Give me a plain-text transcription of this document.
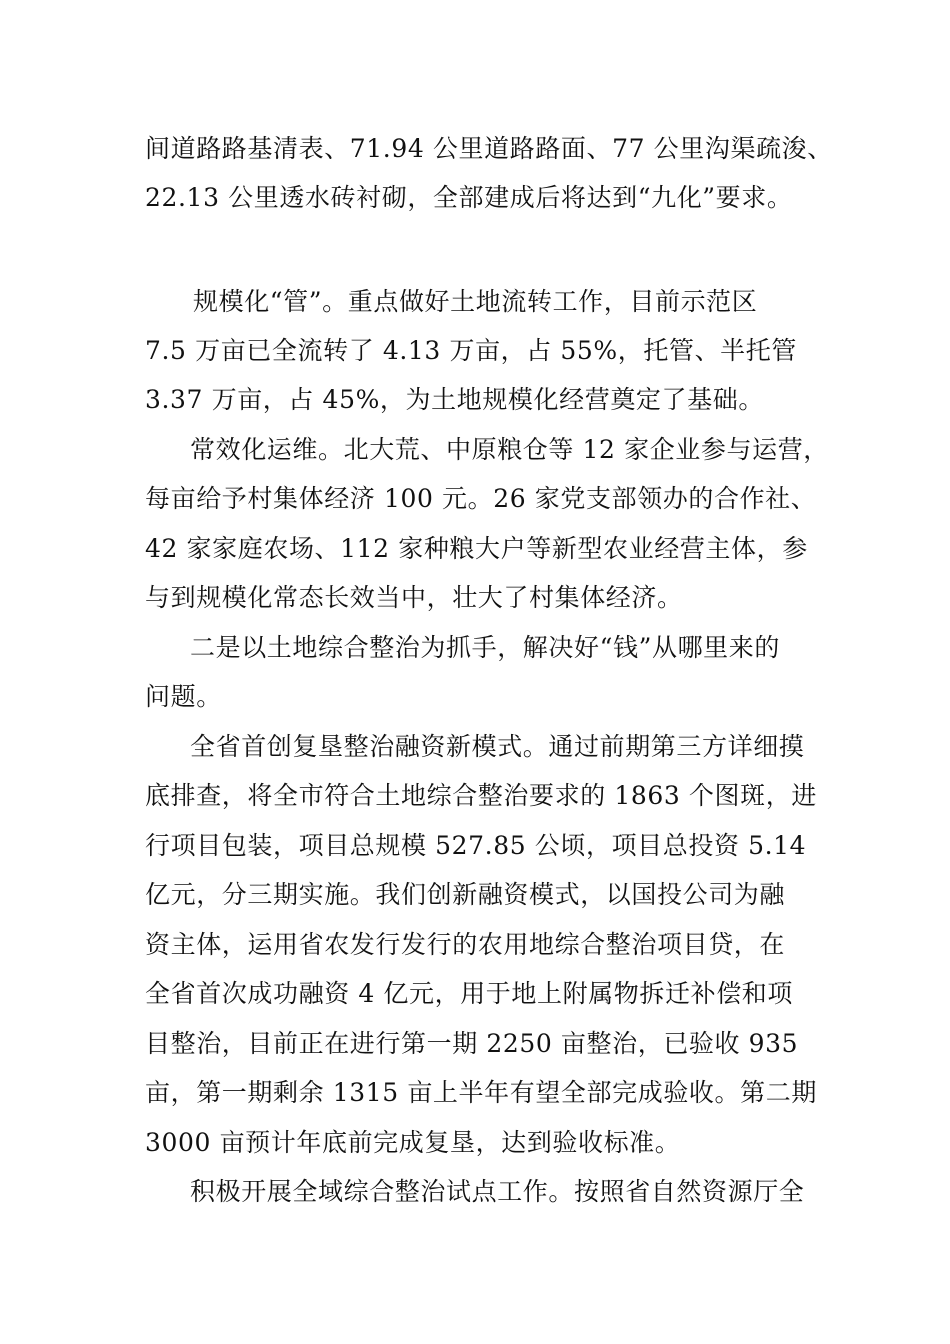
间道路路基清表、71.94 公里道路路面、77 公里沟渠疏浚、
22.13 公里透水砖衬砌，全部建成后将达到“九化”要求。
规模化“管”。重点做好土地流转工作，目前示范区
7.5 万亩已全流转了 4.13 万亩，占 55%，托管、半托管
3.37 万亩，占 45%，为土地规模化经营奠定了基础。
常效化运维。北大荒、中原粮仓等 12 家企业参与运营，
每亩给予村集体经济 100 元。26 家党支部领办的合作社、
42 家家庭农场、112 家种粮大户等新型农业经营主体，参
与到规模化常态长效当中，壮大了村集体经济。
二是以土地综合整治为抓手，解决好“钱”从哪里来的
问题。
全省首创复垦整治融资新模式。通过前期第三方详细摸
底排查，将全市符合土地综合整治要求的 1863 个图斑，进
行项目包装，项目总规模 527.85 公顷，项目总投资 5.14
亿元，分三期实施。我们创新融资模式，以国投公司为融
资主体，运用省农发行发行的农用地综合整治项目贷，在
全省首次成功融资 4 亿元，用于地上附属物拆迁补偿和项
目整治，目前正在进行第一期 2250 亩整治，已验收 935
亩，第一期剩余 1315 亩上半年有望全部完成验收。第二期
3000 亩预计年底前完成复垦，达到验收标准。
积极开展全域综合整治试点工作。按照省自然资源厅全
